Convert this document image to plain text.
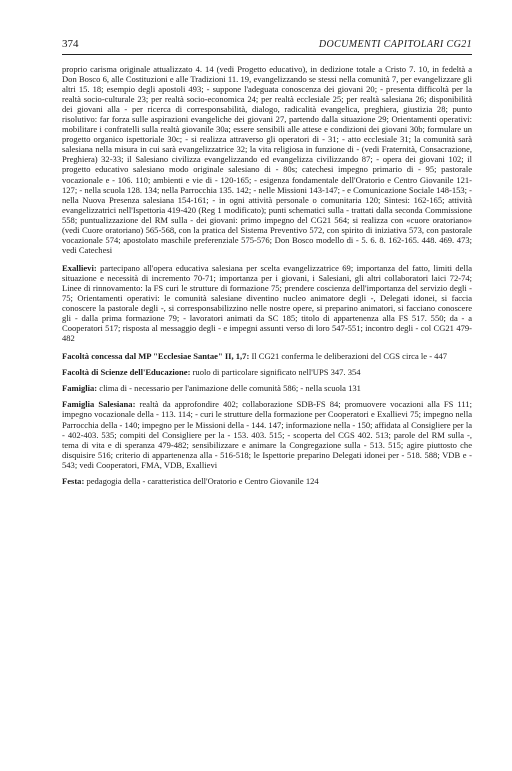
374	DOCUMENTI CAPITOLARI CG21

proprio carisma originale attualizzato 4. 14 (vedi Progetto educativo), in dedizione totale a Cristo 7. 10, in fedeltà a Don Bosco 6, alle Costituzioni e alle Tradizioni 11. 19, evangelizzando se stessi nella comunità 7, per evangelizzare gli altri 15. 18; esempio degli apostoli 493; - suppone l'adeguata conoscenza dei giovani 20; - presenta difficoltà per la realtà socio-culturale 23; per realtà socio-economica 24; per realtà ecclesiale 25; per realtà salesiana 26; disponibilità dei giovani alla - per ricerca di corresponsabilità, dialogo, radicalità evangelica, preghiera, giustizia 28; punto risolutivo: far forza sulle aspirazioni evangeliche dei giovani 27, partendo dalla situazione 29; Orientamenti operativi: mobilitare i confratelli sulla realtà giovanile 30a; essere sensibili alle attese e condizioni dei giovani 30b; formulare un progetto organico ispettoriale 30c; - si realizza attraverso gli operatori di - 31; - atto ecclesiale 31; la comunità sarà salesiana nella misura in cui sarà evangelizzatrice 32; la vita religiosa in funzione di - (vedi Fraternità, Consacrazione, Preghiera) 32-33; il Salesiano civilizza evangelizzando ed evangelizza civilizzando 87; - opera dei giovani 102; il progetto educativo salesiano modo originale salesiano di - 80s; catechesi impegno primario di - 95; pastorale vocazionale e - 106. 110; ambienti e vie di - 120-165; - esigenza fondamentale dell'Oratorio e Centro Giovanile 121-127; - nella scuola 128. 134; nella Parrocchia 135. 142; - nelle Missioni 143-147; - e Comunicazione Sociale 148-153; - nella Nuova Presenza salesiana 154-161; - in ogni attività personale o comunitaria 120; Sintesi: 162-165; attività evangelizzatrici nell'Ispettoria 419-420 (Reg 1 modificato); punti schematici sulla - trattati dalla seconda Commissione 558; puntualizzazione del RM sulla - dei giovani: primo impegno del CG21 564; si realizza con «cuore oratoriano» (vedi Cuore oratoriano) 565-568, con la pratica del Sistema Preventivo 572, con spirito di iniziativa 573, con pastorale vocazionale 574; apostolato maschile preferenziale 575-576; Don Bosco modello di - 5. 6. 8. 162-165. 448. 469. 473; vedi Catechesi

Exallievi: partecipano all'opera educativa salesiana per scelta evangelizzatrice 69; importanza del fatto, limiti della situazione e necessità di incremento 70-71; importanza per i giovani, i Salesiani, gli altri collaboratori laici 72-74; Linee di rinnovamento: la FS curi le strutture di formazione 75; prendere coscienza dell'importanza del servizio degli - 75; Orientamenti operativi: le comunità salesiane diventino nucleo animatore degli -, Delegati idonei, si faccia conoscere la pastorale degli -, si corresponsabilizzino nelle nostre opere, si preparino animatori, si facciano conoscere gli - dalla prima formazione 79; - lavoratori animati da SC 185; titolo di appartenenza alla FS 517. 550; da - a Cooperatori 517; risposta al messaggio degli - e impegni assunti verso di loro 547-551; incontro degli - col CG21 479-482

Facoltà concessa dal MP "Ecclesiae Santae" II, 1,7: Il CG21 conferma le deliberazioni del CGS circa le - 447

Facoltà di Scienze dell'Educazione: ruolo di particolare significato nell'UPS 347. 354

Famiglia: clima di - necessario per l'animazione delle comunità 586; - nella scuola 131

Famiglia Salesiana: realtà da approfondire 402; collaborazione SDB-FS 84; promuovere vocazioni alla FS 111; impegno vocazionale della - 113. 114; - curi le strutture della formazione per Cooperatori e Exallievi 75; impegno nella Parrocchia della - 140; impegno per le Missioni della - 144. 147; informazione nella - 150; affidata al Consigliere per la - 402-403. 535; compiti del Consigliere per la - 153. 403. 515; - scoperta del CGS 402. 513; parole del RM sulla -, tema di vita e di speranza 479-482; sensibilizzare e animare la Congregazione sulla - 513. 515; agire piuttosto che disquisire 516; criterio di appartenenza alla - 516-518; le Ispettorie preparino Delegati idonei per - 518. 588; VDB e - 543; vedi Cooperatori, FMA, VDB, Exallievi

Festa: pedagogia della - caratteristica dell'Oratorio e Centro Giovanile 124
